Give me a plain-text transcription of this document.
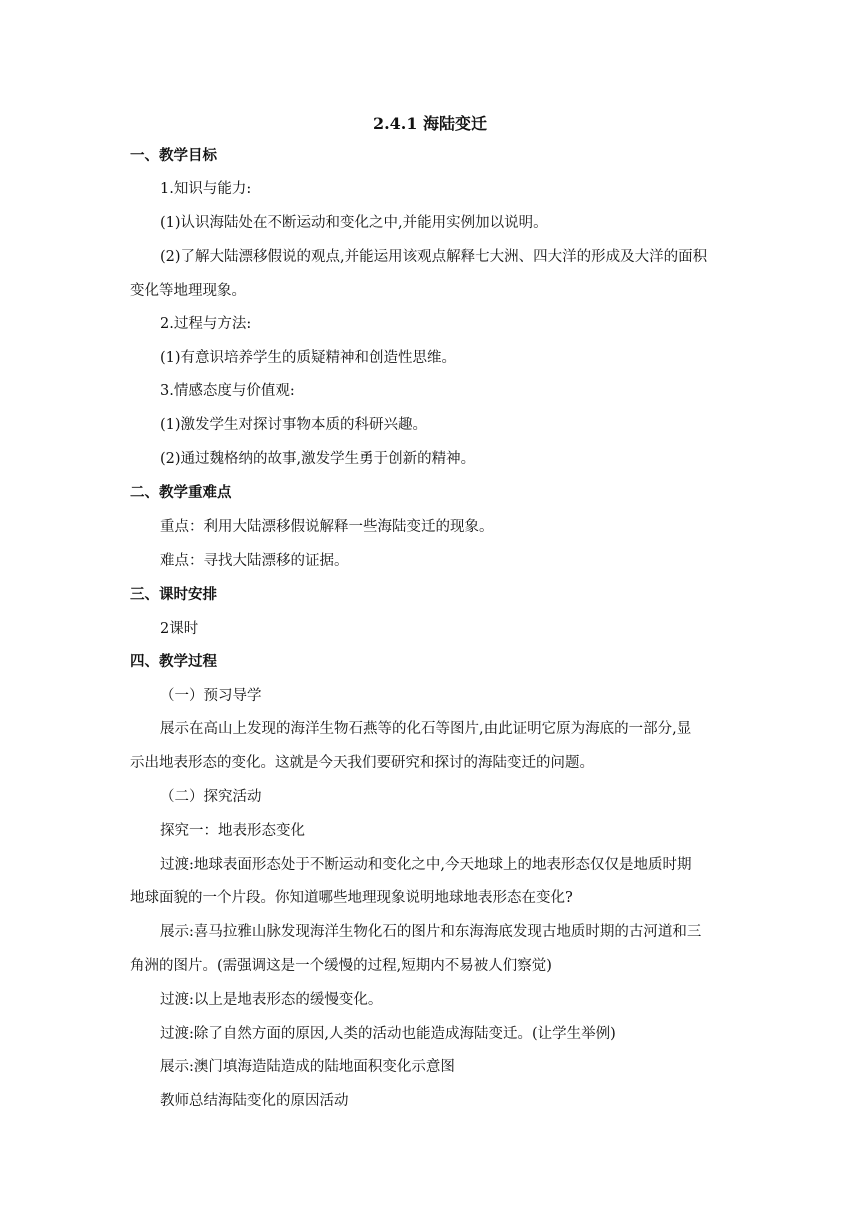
2.4.1 海陆变迁
一、教学目标
1.知识与能力:
(1)认识海陆处在不断运动和变化之中,并能用实例加以说明。
(2)了解大陆漂移假说的观点,并能运用该观点解释七大洲、四大洋的形成及大洋的面积
变化等地理现象。
2.过程与方法:
(1)有意识培养学生的质疑精神和创造性思维。
3.情感态度与价值观:
(1)激发学生对探讨事物本质的科研兴趣。
(2)通过魏格纳的故事,激发学生勇于创新的精神。
二、教学重难点
重点：利用大陆漂移假说解释一些海陆变迁的现象。
难点：寻找大陆漂移的证据。
三、课时安排
2课时
四、教学过程
（一）预习导学
展示在高山上发现的海洋生物石燕等的化石等图片,由此证明它原为海底的一部分,显
示出地表形态的变化。这就是今天我们要研究和探讨的海陆变迁的问题。
（二）探究活动
探究一：地表形态变化
过渡:地球表面形态处于不断运动和变化之中,今天地球上的地表形态仅仅是地质时期
地球面貌的一个片段。你知道哪些地理现象说明地球地表形态在变化?
展示:喜马拉雅山脉发现海洋生物化石的图片和东海海底发现古地质时期的古河道和三
角洲的图片。(需强调这是一个缓慢的过程,短期内不易被人们察觉)
过渡:以上是地表形态的缓慢变化。
过渡:除了自然方面的原因,人类的活动也能造成海陆变迁。(让学生举例)
展示:澳门填海造陆造成的陆地面积变化示意图
教师总结海陆变化的原因活动
